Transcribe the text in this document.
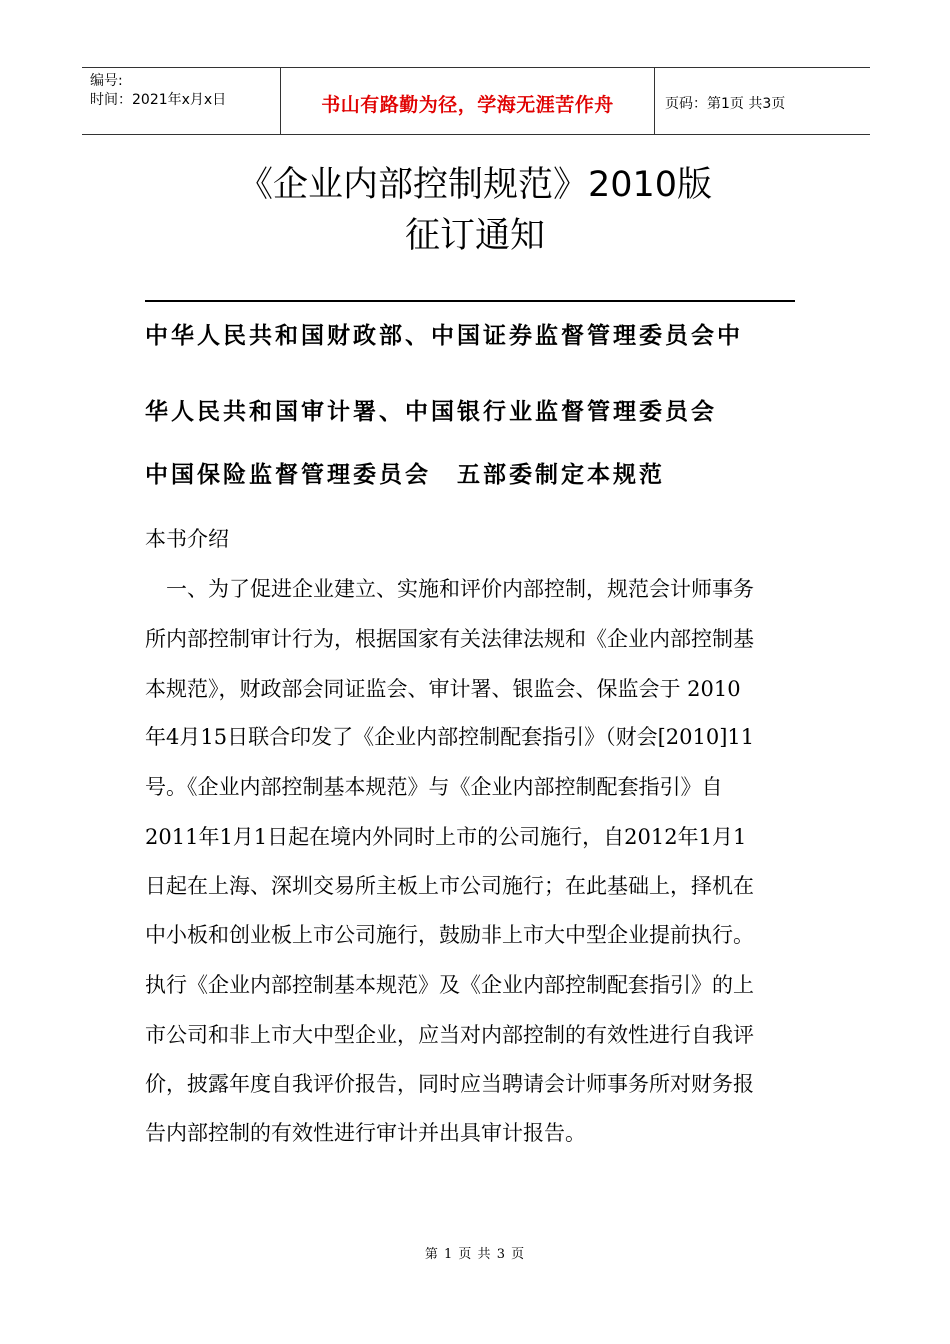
编号:
时间：2021年x月x日	书山有路勤为径，学海无涯苦作舟	页码：第1页 共3页
《企业内部控制规范》2010版
征订通知
中华人民共和国财政部、中国证券监督管理委员会中
华人民共和国审计署、中国银行业监督管理委员会
中国保险监督管理委员会　五部委制定本规范
本书介绍
　一、为了促进企业建立、实施和评价内部控制，规范会计师事务
所内部控制审计行为，根据国家有关法律法规和《企业内部控制基
本规范》，财政部会同证监会、审计署、银监会、保监会于 2010
年4月15日联合印发了《企业内部控制配套指引》（财会[2010]11
号。《企业内部控制基本规范》与《企业内部控制配套指引》自
2011年1月1日起在境内外同时上市的公司施行，自2012年1月1
日起在上海、深圳交易所主板上市公司施行；在此基础上，择机在
中小板和创业板上市公司施行，鼓励非上市大中型企业提前执行。
执行《企业内部控制基本规范》及《企业内部控制配套指引》的上
市公司和非上市大中型企业，应当对内部控制的有效性进行自我评
价，披露年度自我评价报告，同时应当聘请会计师事务所对财务报
告内部控制的有效性进行审计并出具审计报告。
第 1 页 共 3 页
